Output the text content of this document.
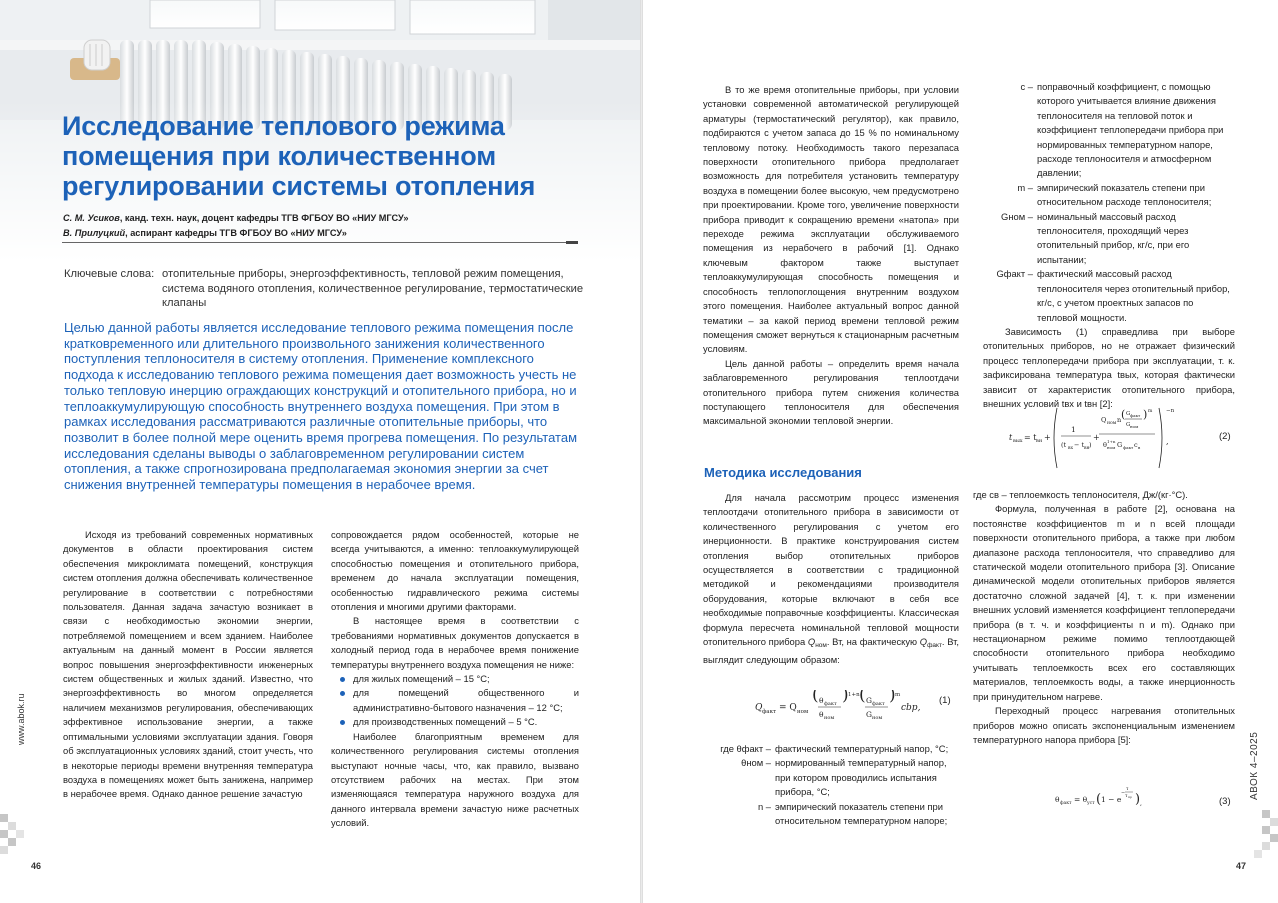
Исследование теплового режима помещения при количественном регулировании системы отопления
С. М. Усиков, канд. техн. наук, доцент кафедры ТГВ ФГБОУ ВО «НИУ МГСУ»
В. Прилуцкий, аспирант кафедры ТГВ ФГБОУ ВО «НИУ МГСУ»
Ключевые слова: отопительные приборы, энергоэффективность, тепловой режим помещения, система водяного отопления, количественное регулирование, термостатические клапаны
Целью данной работы является исследование теплового режима помещения после кратковременного или длительного произвольного занижения количественного поступления теплоносителя в систему отопления. Применение комплексного подхода к исследованию теплового режима помещения дает возможность учесть не только тепловую инерцию ограждающих конструкций и отопительного прибора, но и теплоаккумулирующую способность внутреннего воздуха помещения. При этом в рамках исследования рассматриваются различные отопительные приборы, что позволит в более полной мере оценить время прогрева помещения. По результатам исследования сделаны выводы о заблаговременном регулировании систем отопления, а также спрогнозирована предполагаемая экономия энергии за счет снижения внутренней температуры помещения в нерабочее время.

Исходя из требований современных нормативных документов в области проектирования систем обеспечения микроклимата помещений, конструкция систем отопления должна обеспечивать количественное регулирование в соответствии с потребностями пользователя. Данная задача зачастую возникает в связи с необходимостью экономии энергии, потребляемой помещением и всем зданием. Наиболее актуальным на данный момент в России является вопрос повышения энергоэффективности инженерных систем общественных и жилых зданий. Известно, что энергоэффективность во многом определяется наличием механизмов регулирования, обеспечивающих эффективное использование энергии, а также оптимальными условиями эксплуатации здания. Говоря об эксплуатационных условиях зданий, стоит учесть, что в некоторые периоды времени внутренняя температура воздуха в помещениях может быть занижена, например в нерабочее время. Однако данное решение зачастую

сопровождается рядом особенностей, которые не всегда учитываются, а именно: теплоаккумулирующей способностью помещения и отопительного прибора, временем до начала эксплуатации помещения, особенностью гидравлического режима системы отопления и многими другими факторами.

В настоящее время в соответствии с требованиями нормативных документов допускается в холодный период года в нерабочее время понижение температуры внутреннего воздуха помещения не ниже:

для жилых помещений – 15 °С;
для помещений общественного и административно-бытового назначения – 12 °С;
для производственных помещений – 5 °С.

Наиболее благоприятным временем для количественного регулирования системы отопления выступают ночные часы, что, как правило, вызвано отсутствием рабочих на местах. При этом изменяющаяся температура наружного воздуха для данного интервала времени зачастую ниже расчетных условий.

www.abok.ru
46

В то же время отопительные приборы, при условии установки современной автоматической регулирующей арматуры (термостатический регулятор), как правило, подбираются с учетом запаса до 15 % по номинальному тепловому потоку. Необходимость такого перезапаса поверхности отопительного прибора предполагает возможность для потребителя установить температуру воздуха в помещении более высокую, чем предусмотрено при проектировании. Кроме того, увеличение поверхности прибора приводит к сокращению времени «натопа» при переходе режима эксплуатации обслуживаемого помещения из нерабочего в рабочий [1]. Однако ключевым фактором также выступает теплоаккумулирующая способность помещения и способность теплопоглощения внутренним воздухом этого помещения. Наиболее актуальный вопрос данной тематики – за какой период времени тепловой режим помещения сможет вернуться к стационарным расчетным условиям.

Цель данной работы – определить время начала заблаговременного регулирования теплоотдачи отопительного прибора путем снижения количества поступающего теплоносителя для обеспечения максимальной экономии тепловой энергии.

Методика исследования

Для начала рассмотрим процесс изменения теплоотдачи отопительного прибора в зависимости от количественного регулирования с учетом его инерционности. В практике конструирования систем отопления выбор отопительных приборов осуществляется в соответствии с традиционной методикой и рекомендациями производителя оборудования, которые включают в себя все необходимые поправочные коэффициенты. Классическая формула пересчета номинальной тепловой мощности отопительного прибора $Q_{ном}$. Вт, на фактическую $Q_{факт}$. Вт, выглядит следующим образом:

Q факт = Q ном
( θ факт
θ ном
) 1+n ( G факт
G ном
) m
cbp,
(1)
где θфакт – фактический температурный напор, °С;
θном – нормированный температурный напор, при котором проводились испытания прибора, °С;
n – эмпирический показатель степени при относительном температурном напоре;
c – поправочный коэффициент, с помощью которого учитывается влияние движения теплоносителя на тепловой поток и коэффициент теплопередачи прибора при нормированных температурном напоре, расходе теплоносителя и атмосферном давлении;
m – эмпирический показатель степени при относительном расходе теплоносителя;
Gном – номинальный массовый расход теплоносителя, проходящий через отопительный прибор, кг/с, при его испытании;
Gфакт – фактический массовый расход теплоносителя через отопительный прибор, кг/с, с учетом проектных запасов по тепловой мощности.

Зависимость (1) справедлива при выборе отопительных приборов, но не отражает физический процесс теплопередачи прибора при эксплуатации, т. к. зафиксирована температура tвых, которая фактически зависит от характеристик отопительного прибора, внешних условий tвх и tвн [2]:

t вых = t вн +
1
(t вх − t вн )
+
Q ном n ( G факт
G ном
) m
θ 1+n
ном G факт c в
−n
,	(2)

где cв – теплоемкость теплоносителя, Дж/(кг·°С).

Формула, полученная в работе [2], основана на постоянстве коэффициентов m и n всей площади поверхности отопительного прибора, а также при любом диапазоне расхода теплоносителя, что справедливо для статической модели отопительного прибора [3]. Описание динамической модели отопительных приборов является достаточно сложной задачей [4], т. к. при изменении внешних условий изменяется коэффициент теплопередачи прибора (в т. ч. и коэффициенты n и m). Однако при нестационарном режиме помимо теплоотдающей способности отопительного прибора необходимо учитывать теплоемкость всех его составляющих материалов, теплоемкость воды, а также инерционность при принудительном нагреве.

Переходный процесс нагревания отопительных приборов можно описать экспоненциальным изменением температурного напора прибора [5]:

θ факт = θ уст ( 1 − e
−
τ
τ пр ) ,	(3)
47
АВОК 4–2025
